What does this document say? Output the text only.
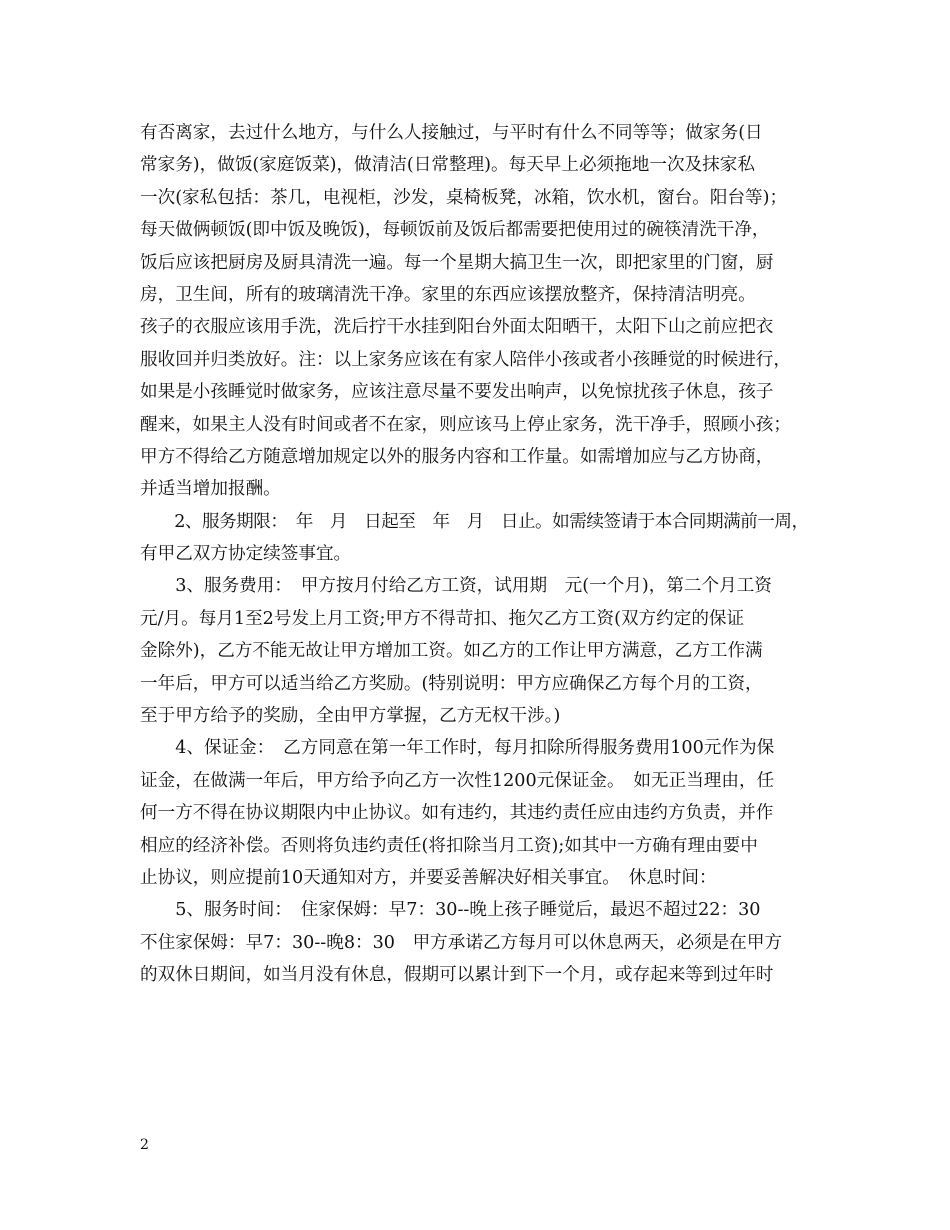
有否离家，去过什么地方，与什么人接触过，与平时有什么不同等等；做家务(日
常家务)，做饭(家庭饭菜)，做清洁(日常整理)。每天早上必须拖地一次及抹家私
一次(家私包括：茶几，电视柜，沙发，桌椅板凳，冰箱，饮水机，窗台。阳台等)；
每天做俩顿饭(即中饭及晚饭)，每顿饭前及饭后都需要把使用过的碗筷清洗干净，
饭后应该把厨房及厨具清洗一遍。每一个星期大搞卫生一次，即把家里的门窗，厨
房，卫生间，所有的玻璃清洗干净。家里的东西应该摆放整齐，保持清洁明亮。
孩子的衣服应该用手洗，洗后拧干水挂到阳台外面太阳晒干，太阳下山之前应把衣
服收回并归类放好。注：以上家务应该在有家人陪伴小孩或者小孩睡觉的时候进行，
如果是小孩睡觉时做家务，应该注意尽量不要发出响声，以免惊扰孩子休息，孩子
醒来，如果主人没有时间或者不在家，则应该马上停止家务，洗干净手，照顾小孩；
甲方不得给乙方随意增加规定以外的服务内容和工作量。如需增加应与乙方协商，
并适当增加报酬。
　　2、服务期限：　年　月　日起至　年　月　日止。如需续签请于本合同期满前一周，
有甲乙双方协定续签事宜。
　　3、服务费用：　甲方按月付给乙方工资，试用期　元(一个月)，第二个月工资
元/月。每月1至2号发上月工资;甲方不得苛扣、拖欠乙方工资(双方约定的保证
金除外)，乙方不能无故让甲方增加工资。如乙方的工作让甲方满意，乙方工作满
一年后，甲方可以适当给乙方奖励。(特别说明：甲方应确保乙方每个月的工资，
至于甲方给予的奖励，全由甲方掌握，乙方无权干涉。)
　　4、保证金：　乙方同意在第一年工作时，每月扣除所得服务费用100元作为保
证金，在做满一年后，甲方给予向乙方一次性1200元保证金。　如无正当理由，任
何一方不得在协议期限内中止协议。如有违约，其违约责任应由违约方负责，并作
相应的经济补偿。否则将负违约责任(将扣除当月工资);如其中一方确有理由要中
止协议，则应提前10天通知对方，并要妥善解决好相关事宜。　休息时间：
　　5、服务时间：　住家保姆：早7：30--晚上孩子睡觉后，最迟不超过22：30
不住家保姆：早7：30--晚8：30　甲方承诺乙方每月可以休息两天，必须是在甲方
的双休日期间，如当月没有休息，假期可以累计到下一个月，或存起来等到过年时
2
